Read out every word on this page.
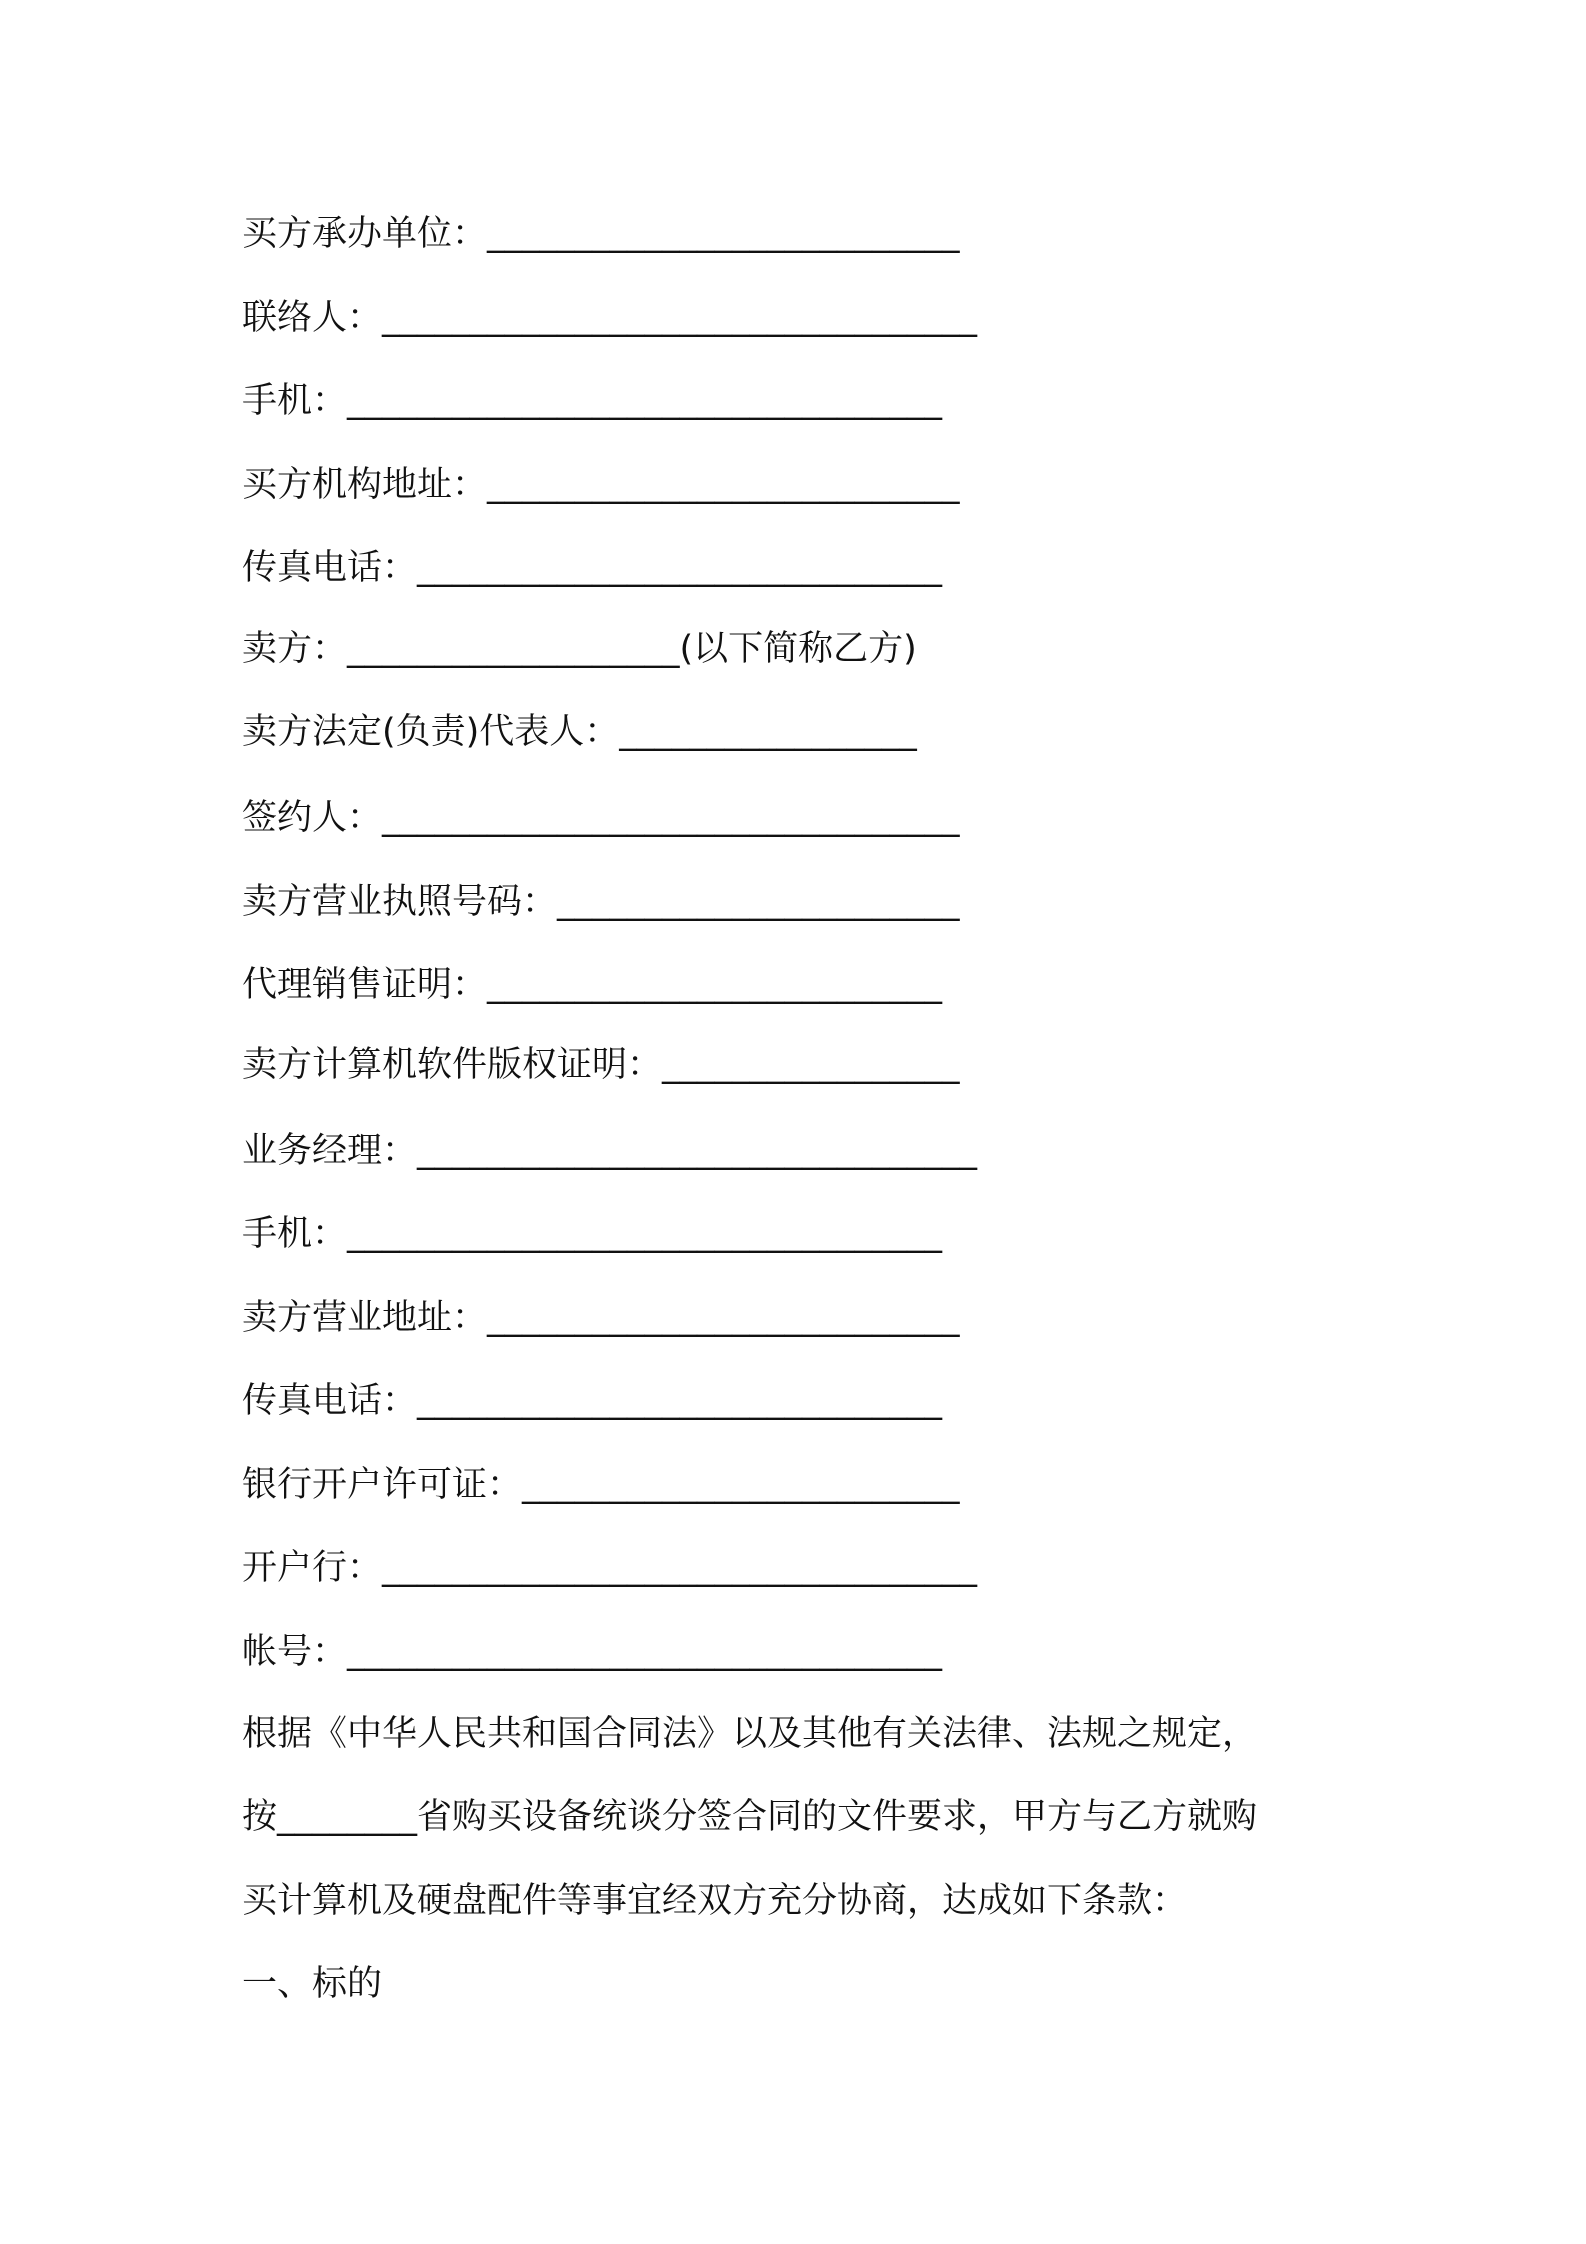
买方承办单位：___________________________
联络人：__________________________________
手机：__________________________________
买方机构地址：___________________________
传真电话：______________________________
卖方：___________________(以下简称乙方)
卖方法定(负责)代表人：_________________
签约人：_________________________________
卖方营业执照号码：_______________________
代理销售证明：__________________________
卖方计算机软件版权证明：_________________
业务经理：________________________________
手机：__________________________________
卖方营业地址：___________________________
传真电话：______________________________
银行开户许可证：_________________________
开户行：__________________________________
帐号：__________________________________
根据《中华人民共和国合同法》以及其他有关法律、法规之规定，
按________省购买设备统谈分签合同的文件要求，甲方与乙方就购
买计算机及硬盘配件等事宜经双方充分协商，达成如下条款：
一、标的
